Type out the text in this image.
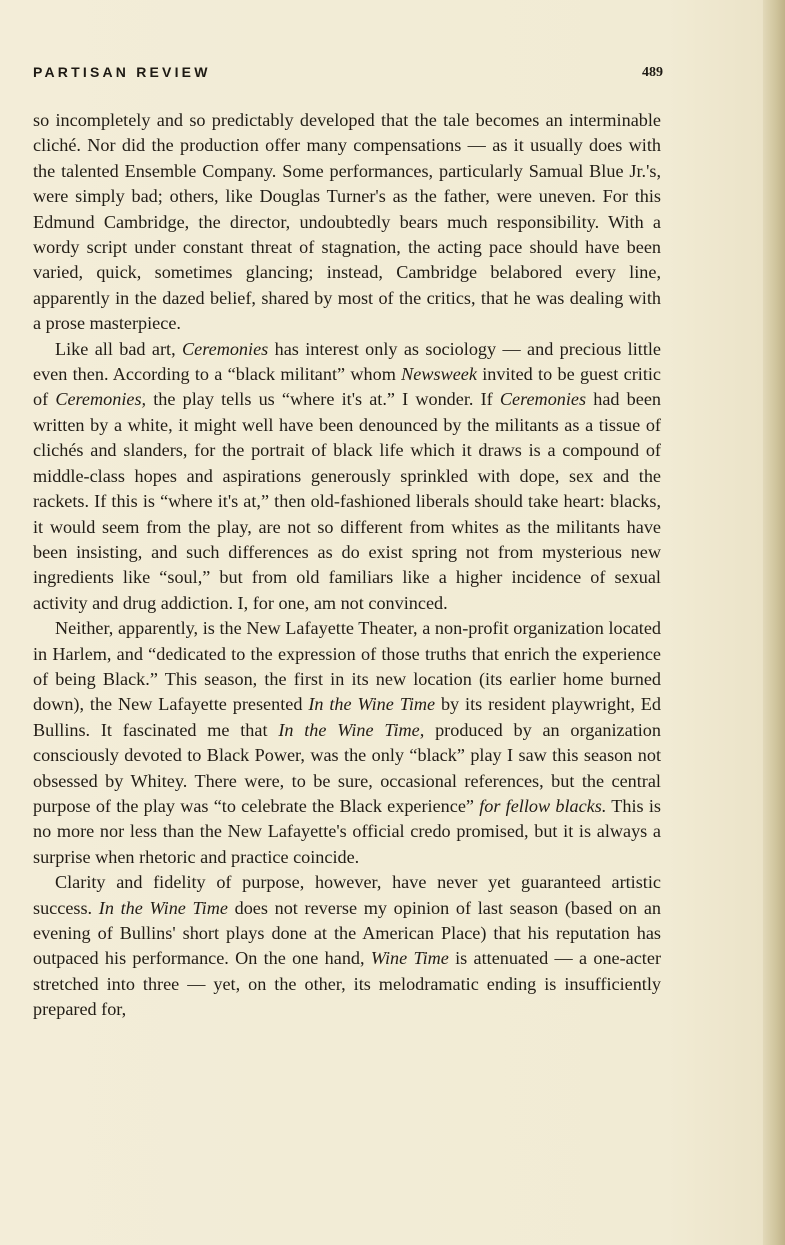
PARTISAN REVIEW	489

so incompletely and so predictably developed that the tale becomes an interminable cliché. Nor did the production offer many compensations — as it usually does with the talented Ensemble Company. Some performances, particularly Samual Blue Jr.'s, were simply bad; others, like Douglas Turner's as the father, were uneven. For this Edmund Cambridge, the director, undoubtedly bears much responsibility. With a wordy script under constant threat of stagnation, the acting pace should have been varied, quick, sometimes glancing; instead, Cambridge belabored every line, apparently in the dazed belief, shared by most of the critics, that he was dealing with a prose masterpiece.

Like all bad art, Ceremonies has interest only as sociology — and precious little even then. According to a “black militant” whom Newsweek invited to be guest critic of Ceremonies, the play tells us “where it's at.” I wonder. If Ceremonies had been written by a white, it might well have been denounced by the militants as a tissue of clichés and slanders, for the portrait of black life which it draws is a compound of middle-class hopes and aspirations generously sprinkled with dope, sex and the rackets. If this is “where it's at,” then old-fashioned liberals should take heart: blacks, it would seem from the play, are not so different from whites as the militants have been insisting, and such differences as do exist spring not from mysterious new ingredients like “soul,” but from old familiars like a higher incidence of sexual activity and drug addiction. I, for one, am not convinced.

Neither, apparently, is the New Lafayette Theater, a non-profit organization located in Harlem, and “dedicated to the expression of those truths that enrich the experience of being Black.” This season, the first in its new location (its earlier home burned down), the New Lafayette presented In the Wine Time by its resident playwright, Ed Bullins. It fascinated me that In the Wine Time, produced by an organization consciously devoted to Black Power, was the only “black” play I saw this season not obsessed by Whitey. There were, to be sure, occasional references, but the central purpose of the play was “to celebrate the Black experience” for fellow blacks. This is no more nor less than the New Lafayette's official credo promised, but it is always a surprise when rhetoric and practice coincide.

Clarity and fidelity of purpose, however, have never yet guaranteed artistic success. In the Wine Time does not reverse my opinion of last season (based on an evening of Bullins' short plays done at the American Place) that his reputation has outpaced his performance. On the one hand, Wine Time is attenuated — a one-acter stretched into three — yet, on the other, its melodramatic ending is insufficiently prepared for,
